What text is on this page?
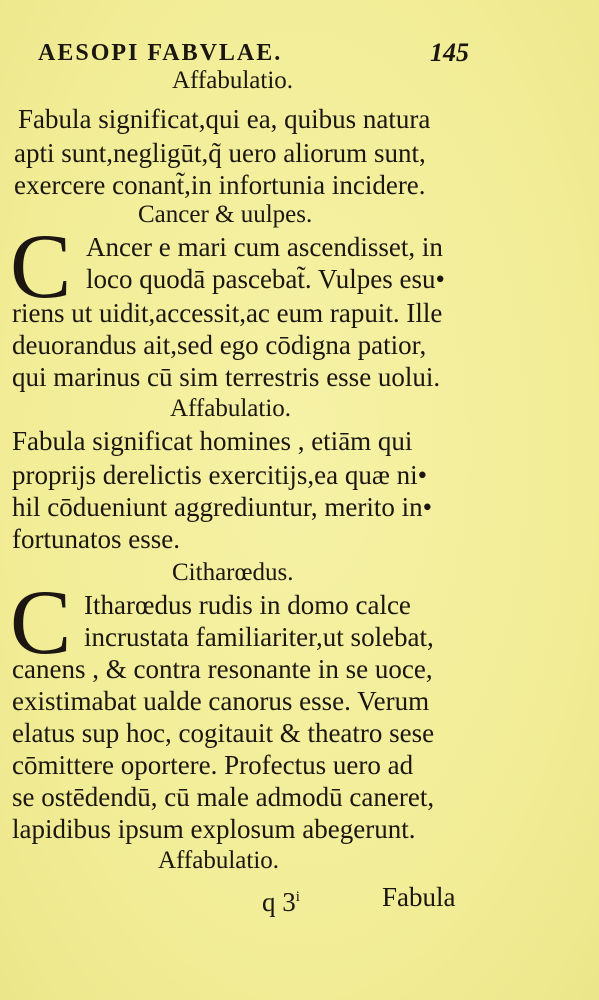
AESOPI FABVLAE.	145
Affabulatio.
Fabula significat,qui ea, quibus natura
apti sunt,negligūt,q̃ uero aliorum sunt,
exercere conant̃,in infortunia incidere.
Cancer & uulpes.
C Ancer e mari cum ascendisset, in
loco quodā pascebat̃. Vulpes esu•
riens ut uidit,accessit,ac eum rapuit. Ille
deuorandus ait,sed ego cōdigna patior,
qui marinus cū sim terrestris esse uolui.
Affabulatio.
Fabula significat homines , etiām qui
proprijs derelictis exercitijs,ea quæ ni•
hil cōdueniunt aggrediuntur, merito in•
fortunatos esse.
Citharœdus.
C Itharœdus rudis in domo calce
incrustata familiariter,ut solebat,
canens , & contra resonante in se uoce,
existimabat ualde canorus esse. Verum
elatus sup hoc, cogitauit & theatro sese
cōmittere oportere. Profectus uero ad
se ostēdendū, cū male admodū caneret,
lapidibus ipsum explosum abegerunt.
Affabulatio.
q 3$^i$	Fabula
